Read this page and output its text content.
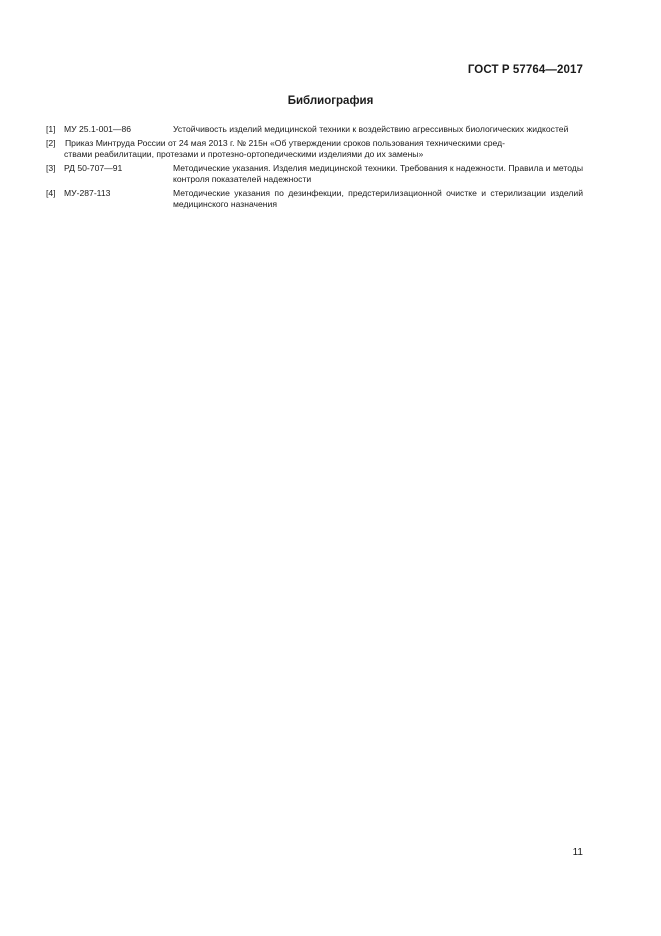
ГОСТ Р 57764—2017
Библиография
[1] МУ 25.1-001—86	Устойчивость изделий медицинской техники к воздействию агрессивных биологических жидкостей
[2] Приказ Минтруда России от 24 мая 2013 г. № 215н «Об утверждении сроков пользования техническими сред-
ствами реабилитации, протезами и протезно-ортопедическими изделиями до их замены»
[3] РД 50-707—91	Методические указания. Изделия медицинской техники. Требования к надежности. Правила и методы контроля показателей надежности
[4] МУ-287-113	Методические указания по дезинфекции, предстерилизационной очистке и стерилизации изделий медицинского назначения
11
